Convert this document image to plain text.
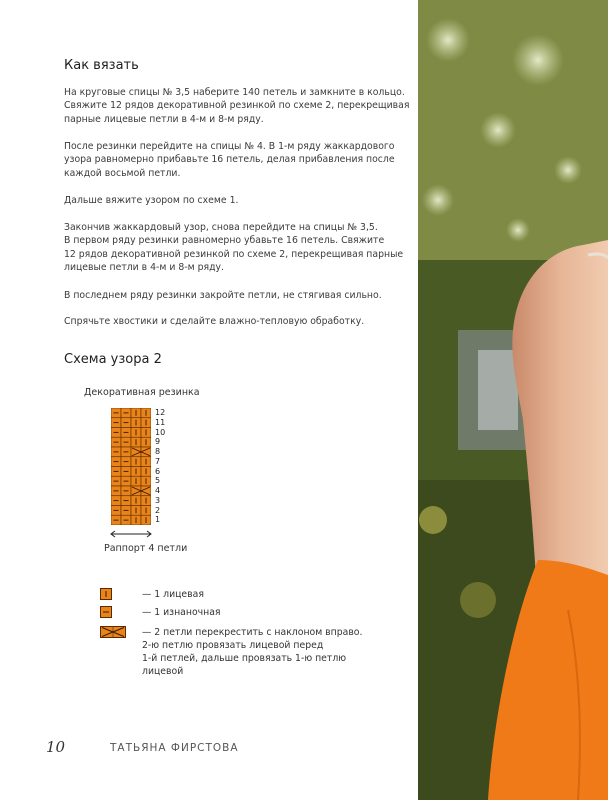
Как вязать
На круговые спицы № 3,5 наберите 140 петель и замкните в кольцо.
Свяжите 12 рядов декоративной резинкой по схеме 2, перекрещивая
парные лицевые петли в 4-м и 8-м ряду.
После резинки перейдите на спицы № 4. В 1-м ряду жаккардового
узора равномерно прибавьте 16 петель, делая прибавления после
каждой восьмой петли.
Дальше вяжите узором по схеме 1.
Закончив жаккардовый узор, снова перейдите на спицы № 3,5.
В первом ряду резинки равномерно убавьте 16 петель. Свяжите
12 рядов декоративной резинкой по схеме 2, перекрещивая парные
лицевые петли в 4-м и 8-м ряду.
В последнем ряду резинки закройте петли, не стягивая сильно.
Спрячьте хвостики и сделайте влажно-тепловую обработку.
Схема узора 2
Декоративная резинка
12
11
10
9
8
7
6
5
4
3
2
1
Раппорт 4 петли
— 1 лицевая
— 1 изнаночная
— 2 петли перекрестить с наклоном вправо.
2-ю петлю провязать лицевой перед
1-й петлей, дальше провязать 1-ю петлю
лицевой
10	ТАТЬЯНА ФИРСТОВА
